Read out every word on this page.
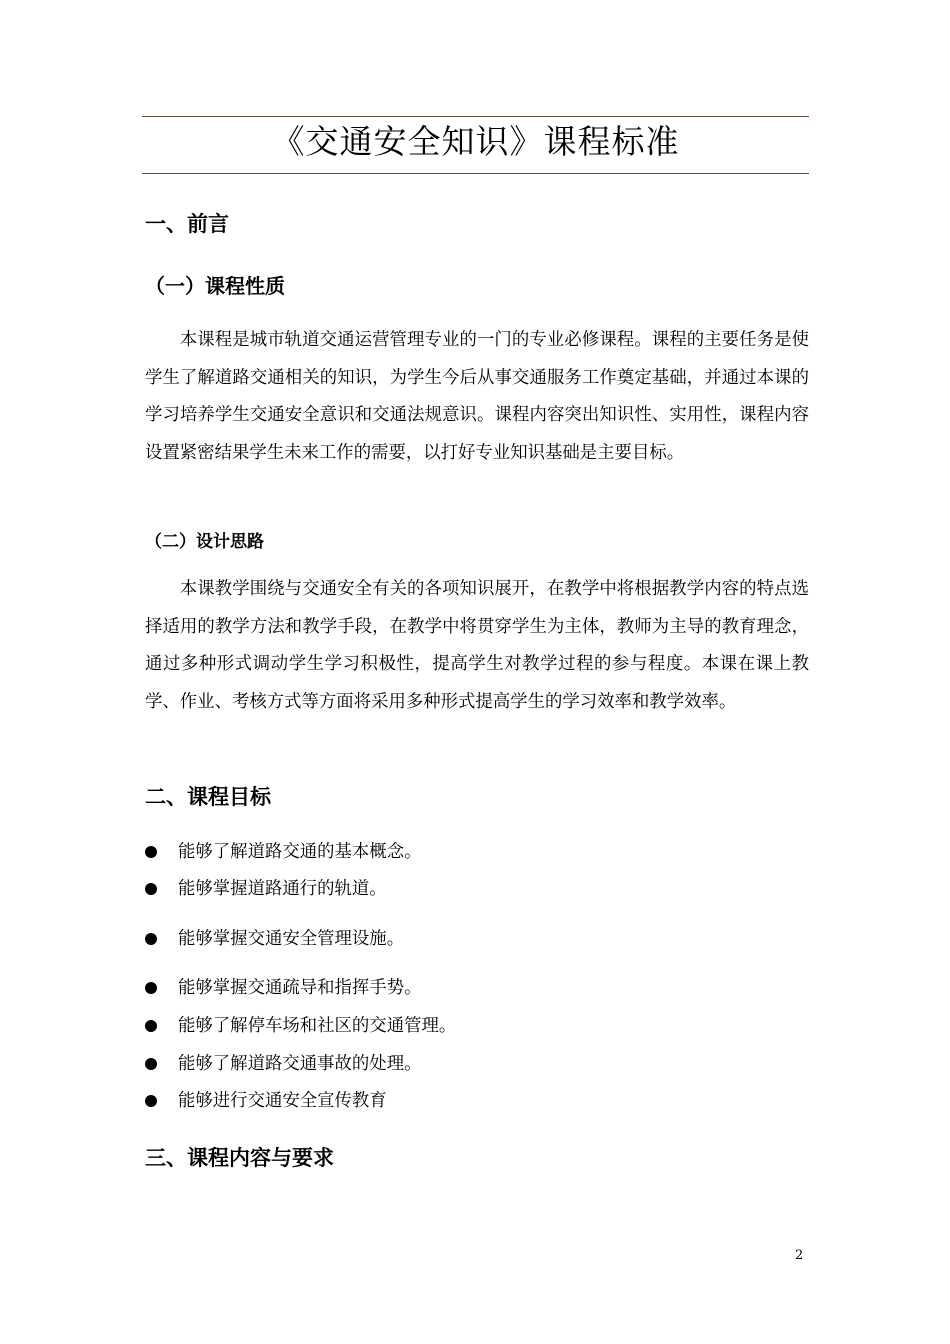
《交通安全知识》课程标准
一、前言
（一）课程性质

本课程是城市轨道交通运营管理专业的一门的专业必修课程。课程的主要任务是使学生了解道路交通相关的知识，为学生今后从事交通服务工作奠定基础，并通过本课的学习培养学生交通安全意识和交通法规意识。课程内容突出知识性、实用性，课程内容设置紧密结果学生未来工作的需要，以打好专业知识基础是主要目标。

（二）设计思路

本课教学围绕与交通安全有关的各项知识展开，在教学中将根据教学内容的特点选择适用的教学方法和教学手段，在教学中将贯穿学生为主体，教师为主导的教育理念，通过多种形式调动学生学习积极性，提高学生对教学过程的参与程度。本课在课上教学、作业、考核方式等方面将采用多种形式提高学生的学习效率和教学效率。

二、课程目标
能够了解道路交通的基本概念。
能够掌握道路通行的轨道。
能够掌握交通安全管理设施。
能够掌握交通疏导和指挥手势。
能够了解停车场和社区的交通管理。
能够了解道路交通事故的处理。
能够进行交通安全宣传教育
三、课程内容与要求
2
